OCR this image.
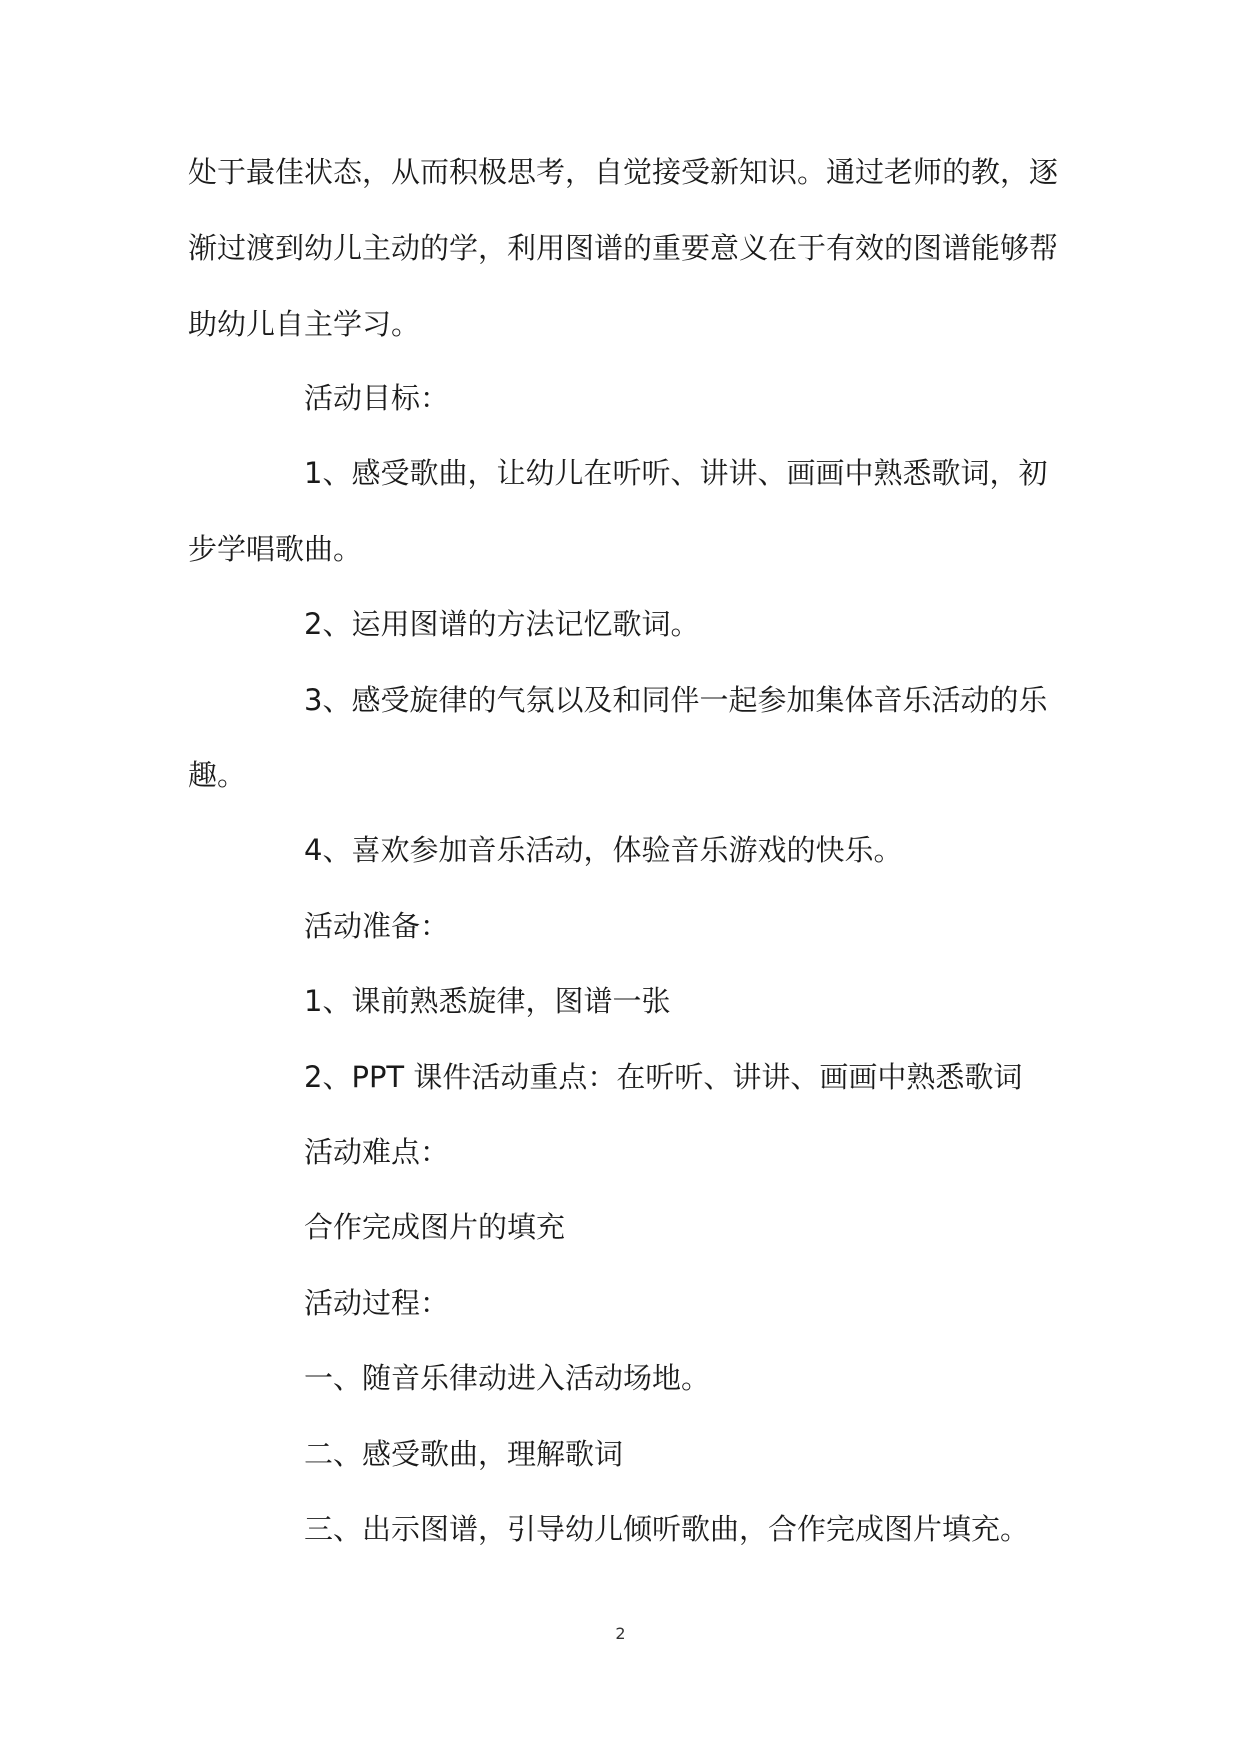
处于最佳状态，从而积极思考，自觉接受新知识。通过老师的教，逐
渐过渡到幼儿主动的学，利用图谱的重要意义在于有效的图谱能够帮
助幼儿自主学习。
活动目标：
1、感受歌曲，让幼儿在听听、讲讲、画画中熟悉歌词，初
步学唱歌曲。
2、运用图谱的方法记忆歌词。
3、感受旋律的气氛以及和同伴一起参加集体音乐活动的乐
趣。
4、喜欢参加音乐活动，体验音乐游戏的快乐。
活动准备：
1、课前熟悉旋律，图谱一张
2、PPT 课件活动重点：在听听、讲讲、画画中熟悉歌词
活动难点：
合作完成图片的填充
活动过程：
一、随音乐律动进入活动场地。
二、感受歌曲，理解歌词
三、出示图谱，引导幼儿倾听歌曲，合作完成图片填充。
2
